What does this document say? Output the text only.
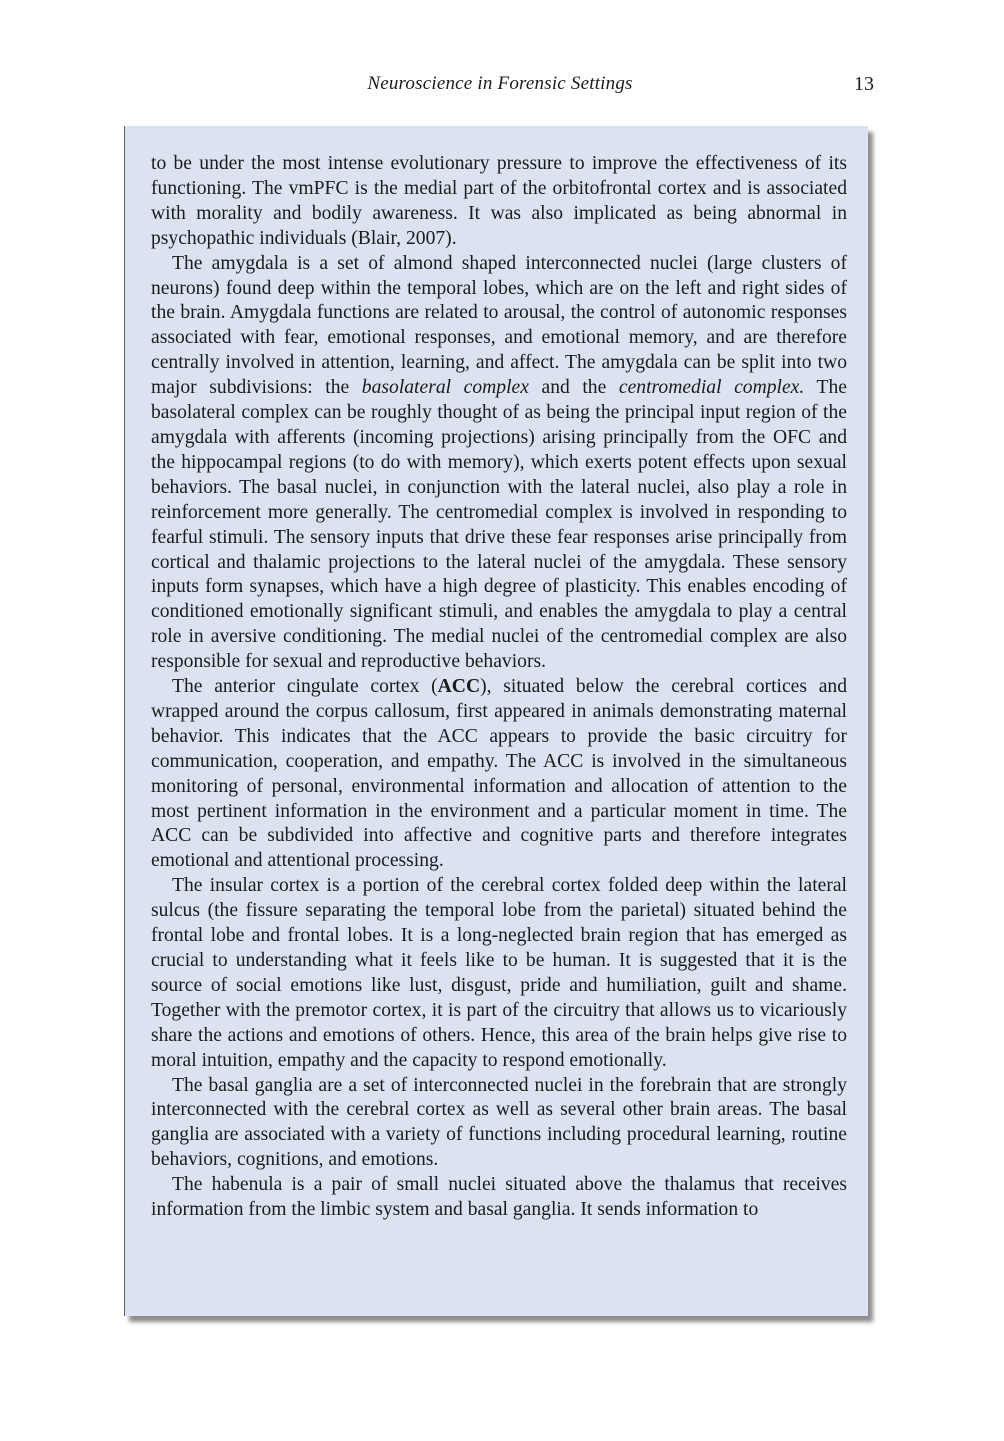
Neuroscience in Forensic Settings	13

to be under the most intense evolutionary pressure to improve the effectiveness of its functioning. The vmPFC is the medial part of the orbitofrontal cortex and is associated with morality and bodily awareness. It was also implicated as being abnormal in psychopathic individuals (Blair, 2007).

The amygdala is a set of almond shaped interconnected nuclei (large clusters of neurons) found deep within the temporal lobes, which are on the left and right sides of the brain. Amygdala functions are related to arousal, the control of autonomic responses associated with fear, emotional responses, and emotional memory, and are therefore centrally involved in attention, learning, and affect. The amygdala can be split into two major subdivisions: the basolateral complex and the centromedial complex. The basolateral complex can be roughly thought of as being the principal input region of the amygdala with afferents (incoming projections) arising principally from the OFC and the hippocampal regions (to do with memory), which exerts potent effects upon sexual behaviors. The basal nuclei, in conjunction with the lateral nuclei, also play a role in reinforcement more generally. The centromedial complex is involved in responding to fearful stimuli. The sensory inputs that drive these fear responses arise principally from cortical and thalamic projections to the lateral nuclei of the amygdala. These sensory inputs form synapses, which have a high degree of plasticity. This enables encoding of conditioned emotionally significant stimuli, and enables the amygdala to play a central role in aversive conditioning. The medial nuclei of the centromedial complex are also responsible for sexual and reproductive behaviors.

The anterior cingulate cortex (ACC), situated below the cerebral cortices and wrapped around the corpus callosum, first appeared in animals demonstrating maternal behavior. This indicates that the ACC appears to provide the basic circuitry for communication, cooperation, and empathy. The ACC is involved in the simultaneous monitoring of personal, environmental information and allocation of attention to the most pertinent information in the environment and a particular moment in time. The ACC can be subdivided into affective and cognitive parts and therefore integrates emotional and attentional processing.

The insular cortex is a portion of the cerebral cortex folded deep within the lateral sulcus (the fissure separating the temporal lobe from the parietal) situated behind the frontal lobe and frontal lobes. It is a long-neglected brain region that has emerged as crucial to understanding what it feels like to be human. It is suggested that it is the source of social emotions like lust, disgust, pride and humiliation, guilt and shame. Together with the premotor cortex, it is part of the circuitry that allows us to vicariously share the actions and emotions of others. Hence, this area of the brain helps give rise to moral intuition, empathy and the capacity to respond emotionally.

The basal ganglia are a set of interconnected nuclei in the forebrain that are strongly interconnected with the cerebral cortex as well as several other brain areas. The basal ganglia are associated with a variety of functions including procedural learning, routine behaviors, cognitions, and emotions.

The habenula is a pair of small nuclei situated above the thalamus that receives information from the limbic system and basal ganglia. It sends information to
